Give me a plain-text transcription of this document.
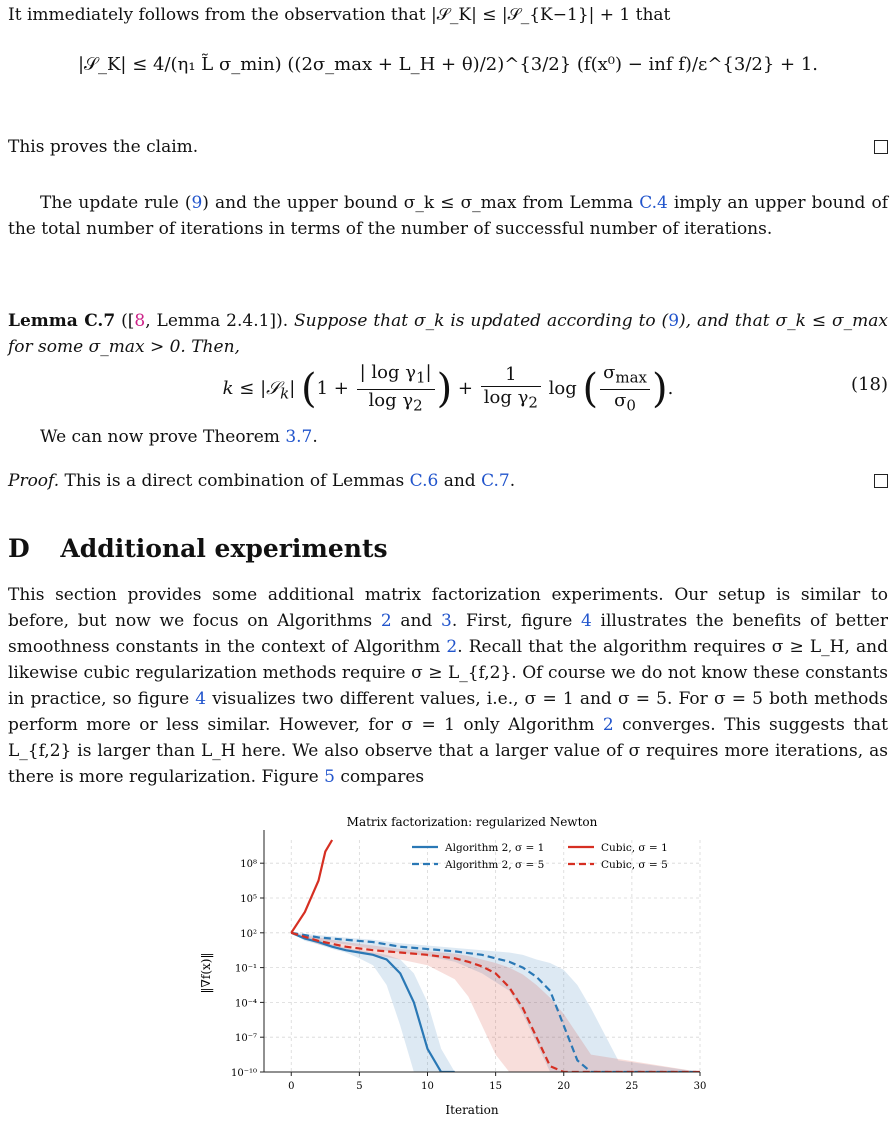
It immediately follows from the observation that |𝒮_K| ≤ |𝒮_{K−1}| + 1 that

|𝒮_K| ≤ 4/(η₁ L̃ σ_min) ((2σ_max + L_H + θ)/2)^{3/2} (f(x⁰) − inf f)/ε^{3/2} + 1.

This proves the claim.

The update rule (9) and the upper bound σ_k ≤ σ_max from Lemma C.4 imply an upper bound of the total number of iterations in terms of the number of successful number of iterations.

Lemma C.7 ([8, Lemma 2.4.1]). Suppose that σ_k is updated according to (9), and that σ_k ≤ σ_max for some σ_max > 0. Then,

k ≤ |𝒮$_k$| ($1 + \frac{| \log \gamma_1|}{\log \gamma_2}$ ) + $\frac{1}{\log \gamma_2}$ log ( $\frac{\sigma_{max}}{\sigma_0}$ ).	(18)

We can now prove Theorem 3.7.

Proof. This is a direct combination of Lemmas C.6 and C.7.

D Additional experiments

This section provides some additional matrix factorization experiments. Our setup is similar to before, but now we focus on Algorithms 2 and 3. First, figure 4 illustrates the benefits of better smoothness constants in the context of Algorithm 2. Recall that the algorithm requires σ ≥ L_H, and likewise cubic regularization methods require σ ≥ L_{f,2}. Of course we do not know these constants in practice, so figure 4 visualizes two different values, i.e., σ = 1 and σ = 5. For σ = 5 both methods perform more or less similar. However, for σ = 1 only Algorithm 2 converges. This suggests that L_{f,2} is larger than L_H here. We also observe that a larger value of σ requires more iterations, as there is more regularization. Figure 5 compares

0	5	10	15	20	25	30
10⁸
10⁵
10²
10⁻¹
10⁻⁴
10⁻⁷
10⁻¹⁰
Matrix factorization: regularized Newton
Iteration
‖∇f(x)‖
Algorithm 2, σ = 1
Algorithm 2, σ = 5
Cubic, σ = 1
Cubic, σ = 5
